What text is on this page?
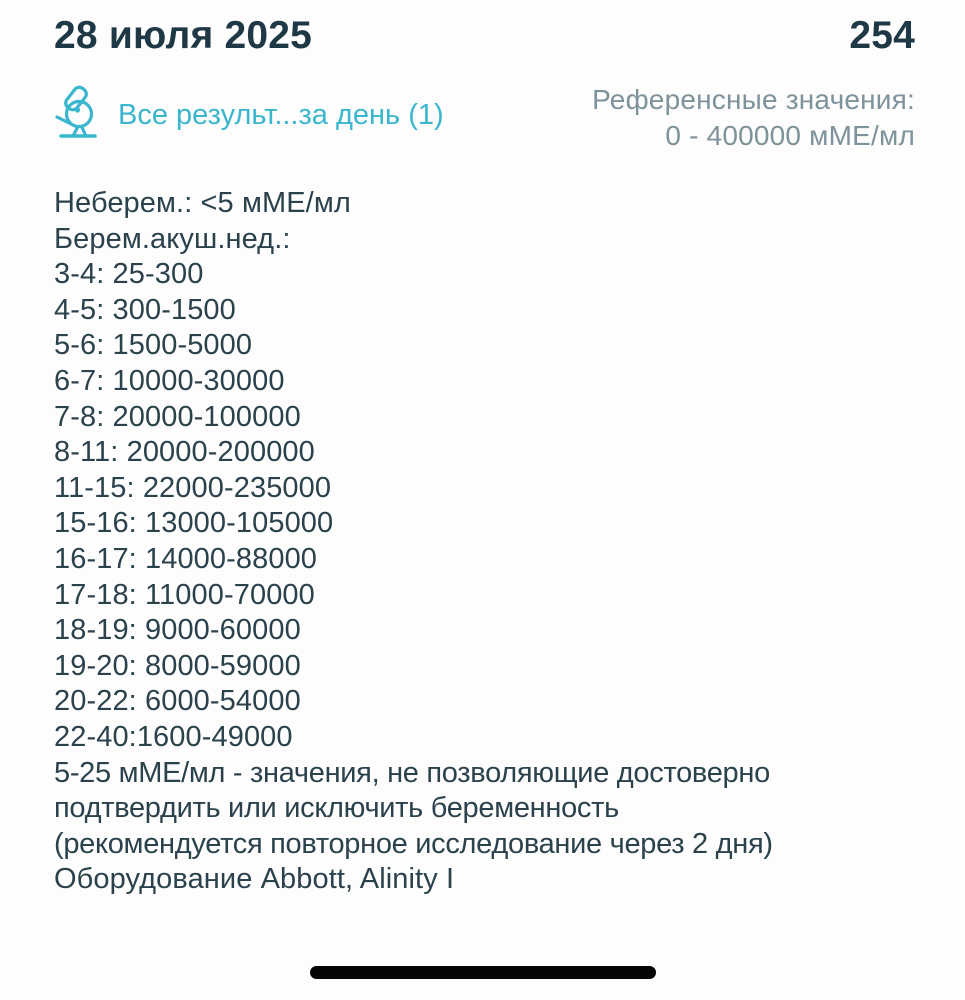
28 июля 2025	254
Все результ...за день (1)	Референсные значения:
0 - 400000 мМЕ/мл
Неберем.: <5 мМЕ/мл
Берем.акуш.нед.:
3-4: 25-300
4-5: 300-1500
5-6: 1500-5000
6-7: 10000-30000
7-8: 20000-100000
8-11: 20000-200000
11-15: 22000-235000
15-16: 13000-105000
16-17: 14000-88000
17-18: 11000-70000
18-19: 9000-60000
19-20: 8000-59000
20-22: 6000-54000
22-40:1600-49000
5-25 мМЕ/мл - значения, не позволяющие достоверно
подтвердить или исключить беременность
(рекомендуется повторное исследование через 2 дня)
Оборудование Abbott, Alinity I
